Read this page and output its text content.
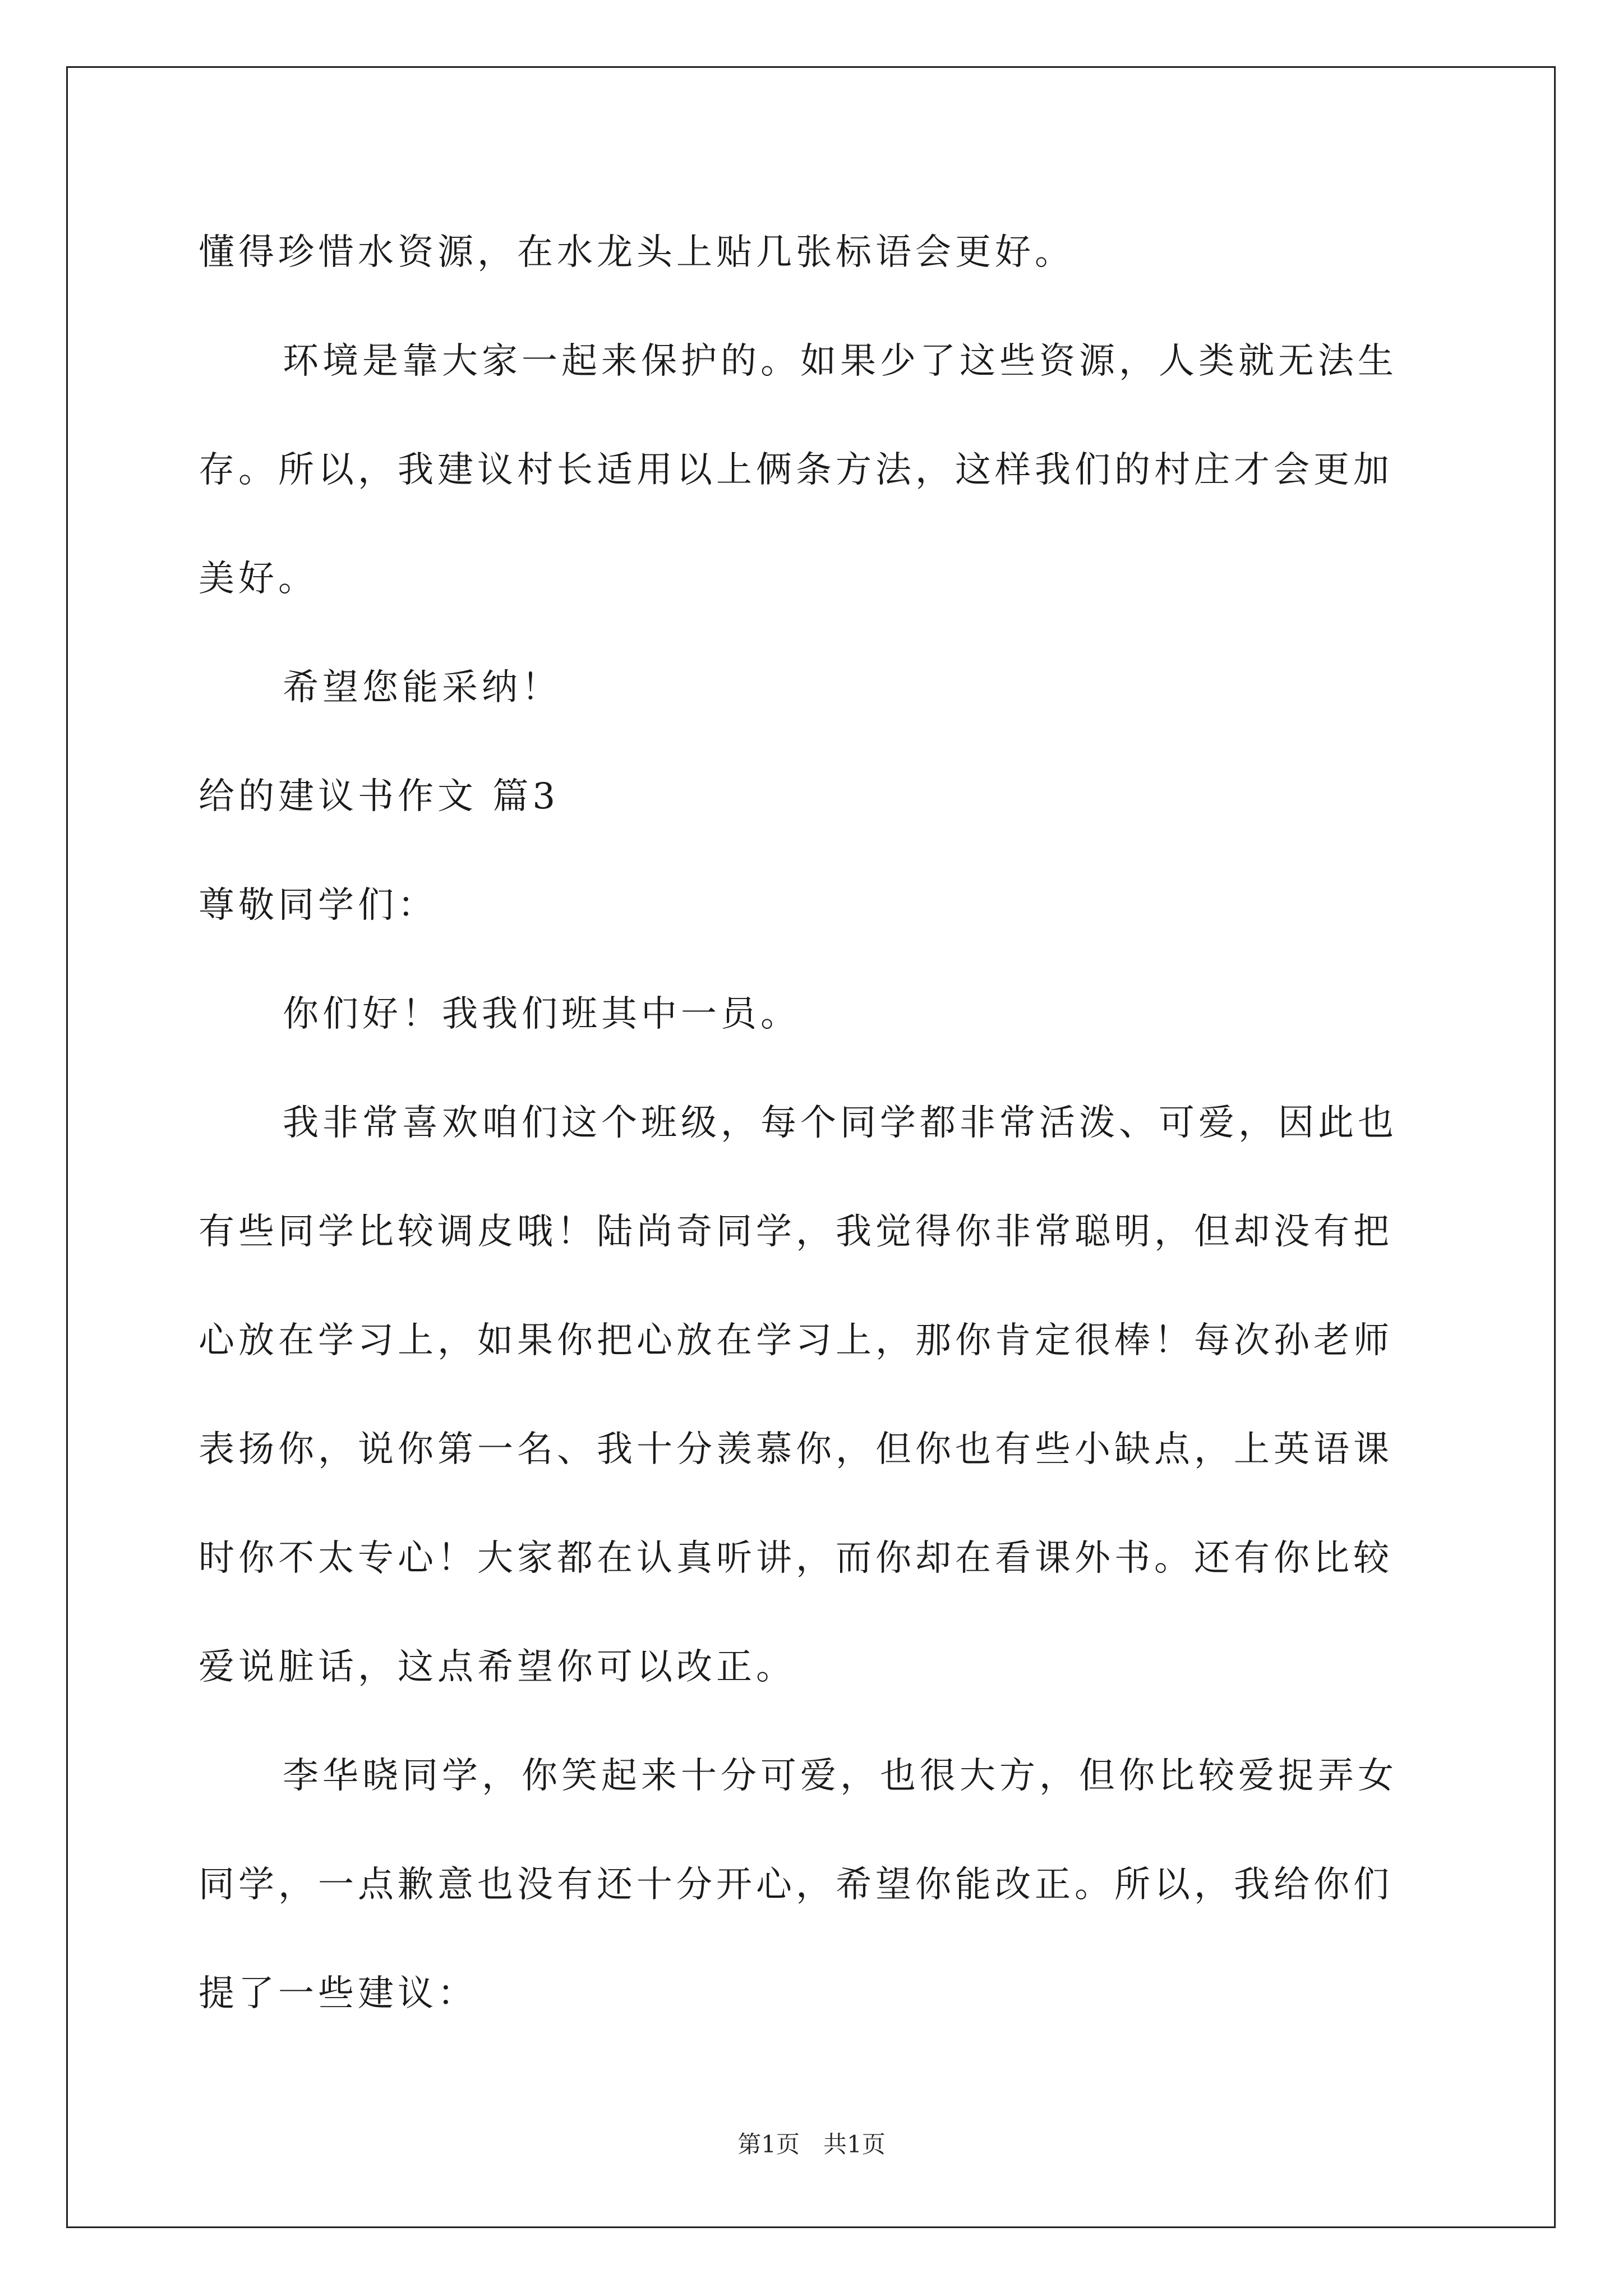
懂得珍惜水资源，在水龙头上贴几张标语会更好。
环境是靠大家一起来保护的。如果少了这些资源，人类就无法生
存。所以，我建议村长适用以上俩条方法，这样我们的村庄才会更加
美好。
希望您能采纳！
给的建议书作文 篇3
尊敬同学们：
你们好！我我们班其中一员。
我非常喜欢咱们这个班级，每个同学都非常活泼、可爱，因此也
有些同学比较调皮哦！陆尚奇同学，我觉得你非常聪明，但却没有把
心放在学习上，如果你把心放在学习上，那你肯定很棒！每次孙老师
表扬你，说你第一名、我十分羡慕你，但你也有些小缺点，上英语课
时你不太专心！大家都在认真听讲，而你却在看课外书。还有你比较
爱说脏话，这点希望你可以改正。
李华晓同学，你笑起来十分可爱，也很大方，但你比较爱捉弄女
同学，一点歉意也没有还十分开心，希望你能改正。所以，我给你们
提了一些建议：
第1页　共1页
